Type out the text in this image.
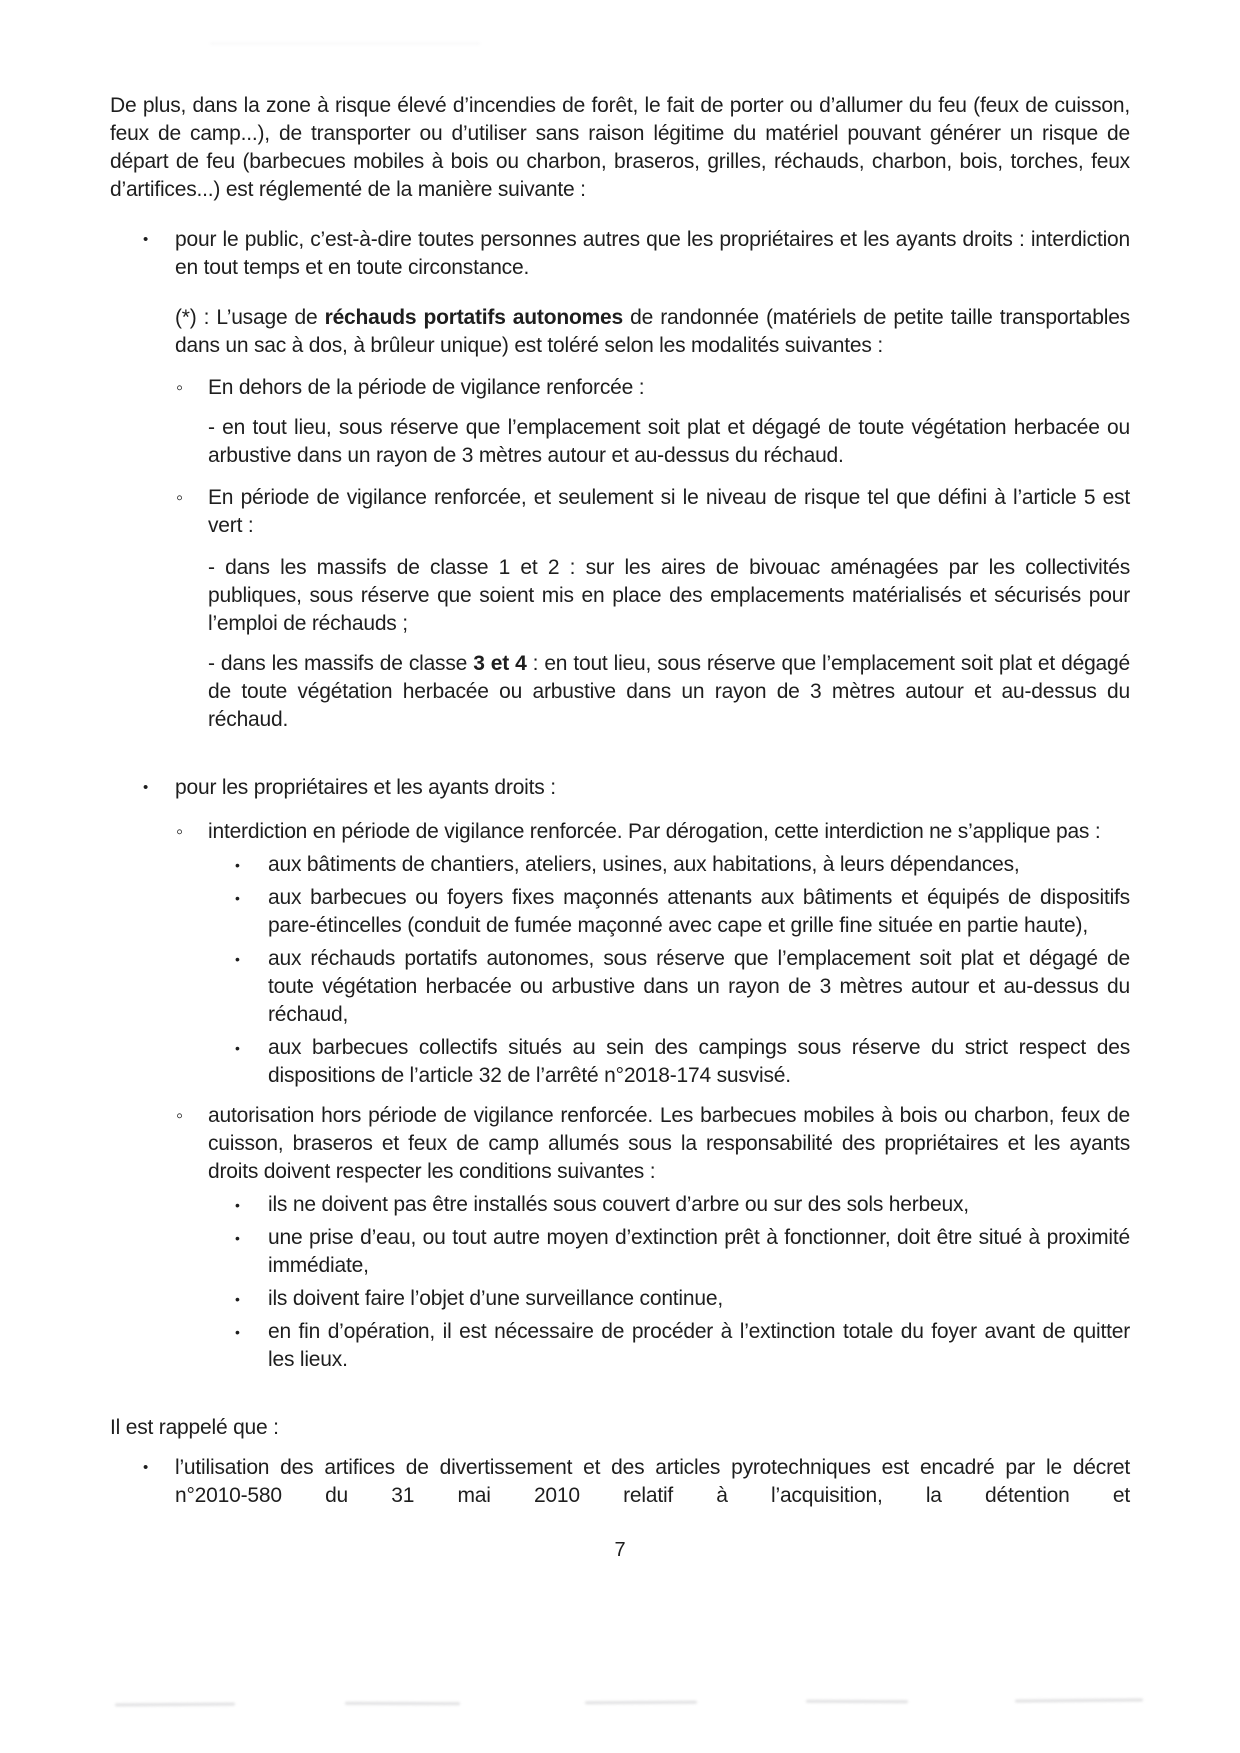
De plus, dans la zone à risque élevé d’incendies de forêt, le fait de porter ou d’allumer du feu (feux de cuisson, feux de camp...), de transporter ou d’utiliser sans raison légitime du matériel pouvant générer un risque de départ de feu (barbecues mobiles à bois ou charbon, braseros, grilles, réchauds, charbon, bois, torches, feux d’artifices...) est réglementé de la manière suivante :

• pour le public, c’est-à-dire toutes personnes autres que les propriétaires et les ayants droits : interdiction en tout temps et en toute circonstance.
(*) : L’usage de réchauds portatifs autonomes de randonnée (matériels de petite taille transportables dans un sac à dos, à brûleur unique) est toléré selon les modalités suivantes :
◦ En dehors de la période de vigilance renforcée :
- en tout lieu, sous réserve que l’emplacement soit plat et dégagé de toute végétation herbacée ou arbustive dans un rayon de 3 mètres autour et au-dessus du réchaud.
◦ En période de vigilance renforcée, et seulement si le niveau de risque tel que défini à l’article 5 est vert :
- dans les massifs de classe 1 et 2 : sur les aires de bivouac aménagées par les collectivités publiques, sous réserve que soient mis en place des emplacements matérialisés et sécurisés pour l’emploi de réchauds ;
- dans les massifs de classe 3 et 4 : en tout lieu, sous réserve que l’emplacement soit plat et dégagé de toute végétation herbacée ou arbustive dans un rayon de 3 mètres autour et au-dessus du réchaud.
• pour les propriétaires et les ayants droits :
◦ interdiction en période de vigilance renforcée. Par dérogation, cette interdiction ne s’applique pas :
• aux bâtiments de chantiers, ateliers, usines, aux habitations, à leurs dépendances,
• aux barbecues ou foyers fixes maçonnés attenants aux bâtiments et équipés de dispositifs pare-étincelles (conduit de fumée maçonné avec cape et grille fine située en partie haute),
• aux réchauds portatifs autonomes, sous réserve que l’emplacement soit plat et dégagé de toute végétation herbacée ou arbustive dans un rayon de 3 mètres autour et au-dessus du réchaud,
• aux barbecues collectifs situés au sein des campings sous réserve du strict respect des dispositions de l’article 32 de l’arrêté n°2018-174 susvisé.
◦ autorisation hors période de vigilance renforcée. Les barbecues mobiles à bois ou charbon, feux de cuisson, braseros et feux de camp allumés sous la responsabilité des propriétaires et les ayants droits doivent respecter les conditions suivantes :
• ils ne doivent pas être installés sous couvert d’arbre ou sur des sols herbeux,
• une prise d’eau, ou tout autre moyen d’extinction prêt à fonctionner, doit être situé à proximité immédiate,
• ils doivent faire l’objet d’une surveillance continue,
• en fin d’opération, il est nécessaire de procéder à l’extinction totale du foyer avant de quitter les lieux.
Il est rappelé que :
• l’utilisation des artifices de divertissement et des articles pyrotechniques est encadré par le décret n°2010-580 du 31 mai 2010 relatif à l’acquisition, la détention et
7
